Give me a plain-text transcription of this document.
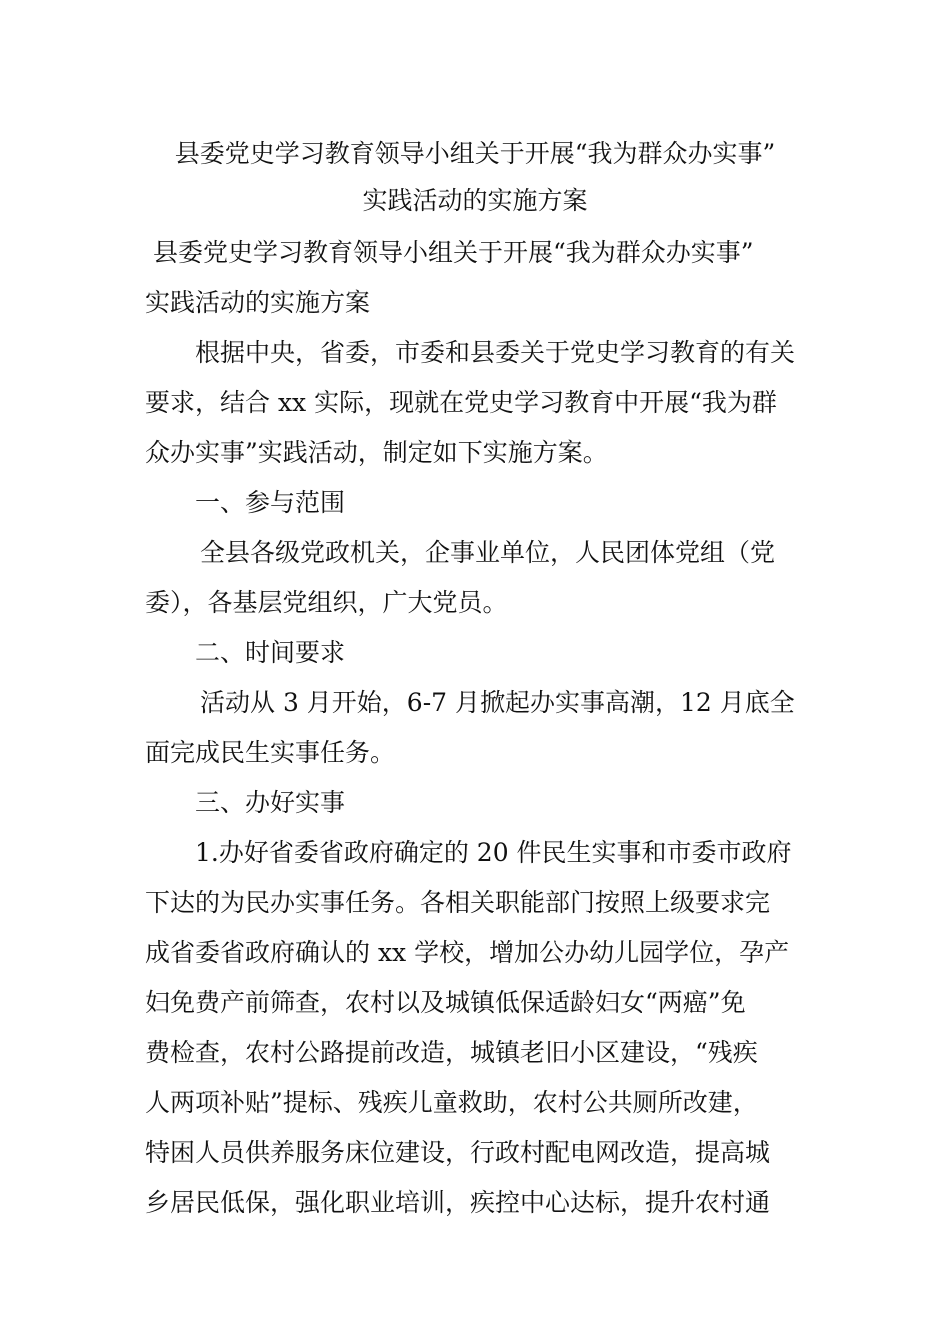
县委党史学习教育领导小组关于开展“我为群众办实事”
实践活动的实施方案
县委党史学习教育领导小组关于开展“我为群众办实事”
实践活动的实施方案
根据中央，省委，市委和县委关于党史学习教育的有关
要求，结合 xx 实际，现就在党史学习教育中开展“我为群
众办实事”实践活动，制定如下实施方案。
一、参与范围
全县各级党政机关，企事业单位，人民团体党组（党
委），各基层党组织，广大党员。
二、时间要求
活动从 3 月开始，6-7 月掀起办实事高潮，12 月底全
面完成民生实事任务。
三、办好实事
1.办好省委省政府确定的 20 件民生实事和市委市政府
下达的为民办实事任务。各相关职能部门按照上级要求完
成省委省政府确认的 xx 学校，增加公办幼儿园学位，孕产
妇免费产前筛查，农村以及城镇低保适龄妇女“两癌”免
费检查，农村公路提前改造，城镇老旧小区建设，“残疾
人两项补贴”提标、残疾儿童救助，农村公共厕所改建，
特困人员供养服务床位建设，行政村配电网改造，提高城
乡居民低保，强化职业培训，疾控中心达标，提升农村通
